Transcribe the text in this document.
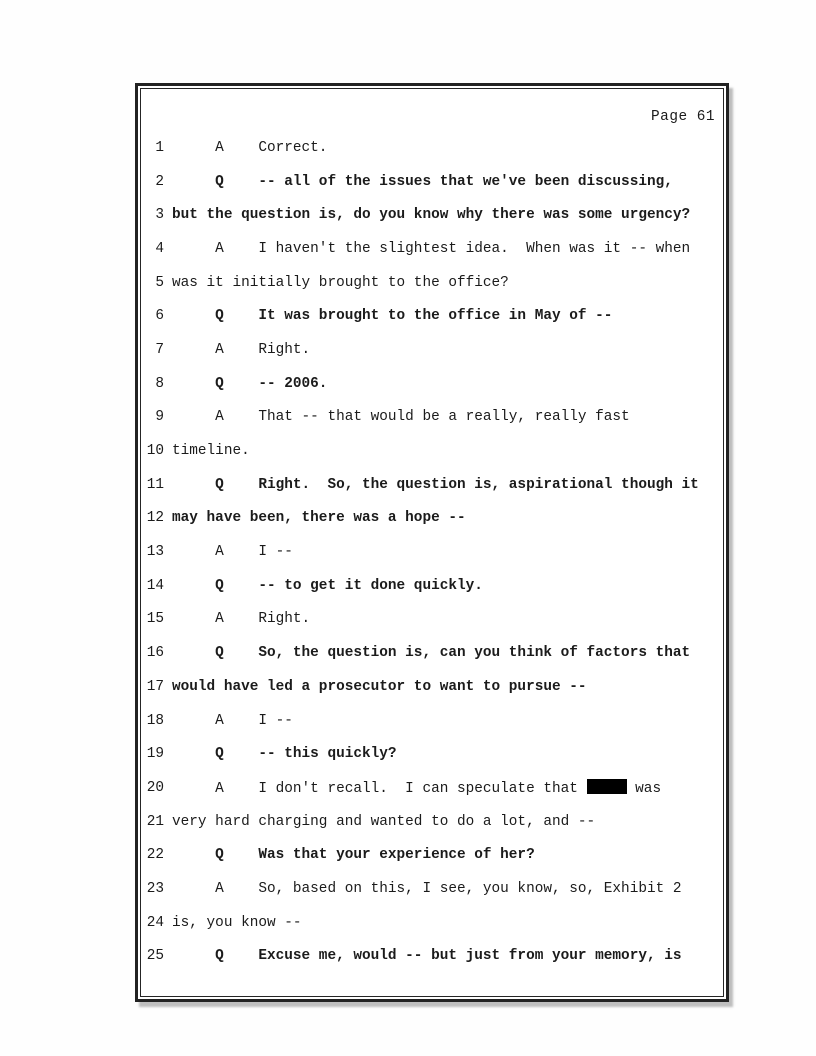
Page 61
1 A    Correct.
2 Q    -- all of the issues that we've been discussing,
3 but the question is, do you know why there was some urgency?
4 A    I haven't the slightest idea.  When was it -- when
5 was it initially brought to the office?
6 Q    It was brought to the office in May of --
7 A    Right.
8 Q    -- 2006.
9 A    That -- that would be a really, really fast
10 timeline.
11 Q    Right.  So, the question is, aspirational though it
12 may have been, there was a hope --
13 A    I --
14 Q    -- to get it done quickly.
15 A    Right.
16 Q    So, the question is, can you think of factors that
17 would have led a prosecutor to want to pursue --
18 A    I --
19 Q    -- this quickly?
20 A    I don't recall.  I can speculate that	was
21 very hard charging and wanted to do a lot, and --
22 Q    Was that your experience of her?
23 A    So, based on this, I see, you know, so, Exhibit 2
24 is, you know --
25 Q    Excuse me, would -- but just from your memory, is
